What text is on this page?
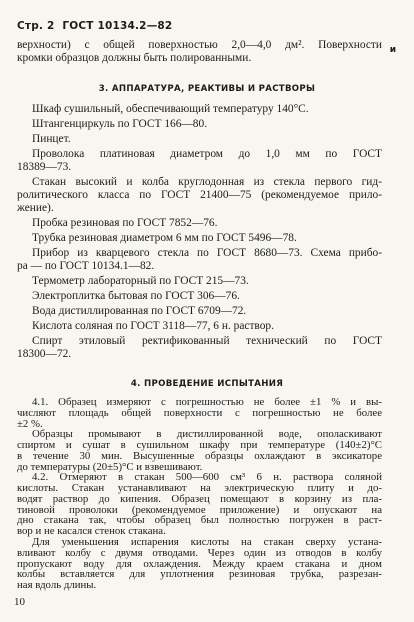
Стр. 2 ГОСТ 10134.2—82
и
верхности) с общей поверхностью 2,0—4,0 дм². Поверхности
кромки образцов должны быть полированными.
3. АППАРАТУРА, РЕАКТИВЫ И РАСТВОРЫ
Шкаф сушильный, обеспечивающий температуру 140°С.
Штангенциркуль по ГОСТ 166—80.
Пинцет.
Проволока платиновая диаметром до 1,0 мм по ГОСТ
18389—73.
Стакан высокий и колба круглодонная из стекла первого гид-
ролитического класса по ГОСТ 21400—75 (рекомендуемое прило-
жение).
Пробка резиновая по ГОСТ 7852—76.
Трубка резиновая диаметром 6 мм по ГОСТ 5496—78.
Прибор из кварцевого стекла по ГОСТ 8680—73. Схема прибо-
ра — по ГОСТ 10134.1—82.
Термометр лабораторный по ГОСТ 215—73.
Электроплитка бытовая по ГОСТ 306—76.
Вода дистиллированная по ГОСТ 6709—72.
Кислота соляная по ГОСТ 3118—77, 6 н. раствор.
Спирт этиловый ректификованный технический по ГОСТ
18300—72.
4. ПРОВЕДЕНИЕ ИСПЫТАНИЯ
4.1. Образец измеряют с погрешностью не более ±1 % и вы-
числяют площадь общей поверхности с погрешностью не более
±2 %.
Образцы промывают в дистиллированной воде, ополаскивают
спиртом и сушат в сушильном шкафу при температуре (140±2)°С
в течение 30 мин. Высушенные образцы охлаждают в эксикаторе
до температуры (20±5)°С и взвешивают.
4.2. Отмеряют в стакан 500—600 см³ 6 н. раствора соляной
кислоты. Стакан устанавливают на электрическую плиту и до-
водят раствор до кипения. Образец помещают в корзину из пла-
тиновой проволоки (рекомендуемое приложение) и опускают на
дно стакана так, чтобы образец был полностью погружен в раст-
вор и не касался стенок стакана.
Для уменьшения испарения кислоты на стакан сверху устана-
вливают колбу с двумя отводами. Через один из отводов в колбу
пропускают воду для охлаждения. Между краем стакана и дном
колбы вставляется для уплотнения резиновая трубка, разрезан-
ная вдоль длины.
10
